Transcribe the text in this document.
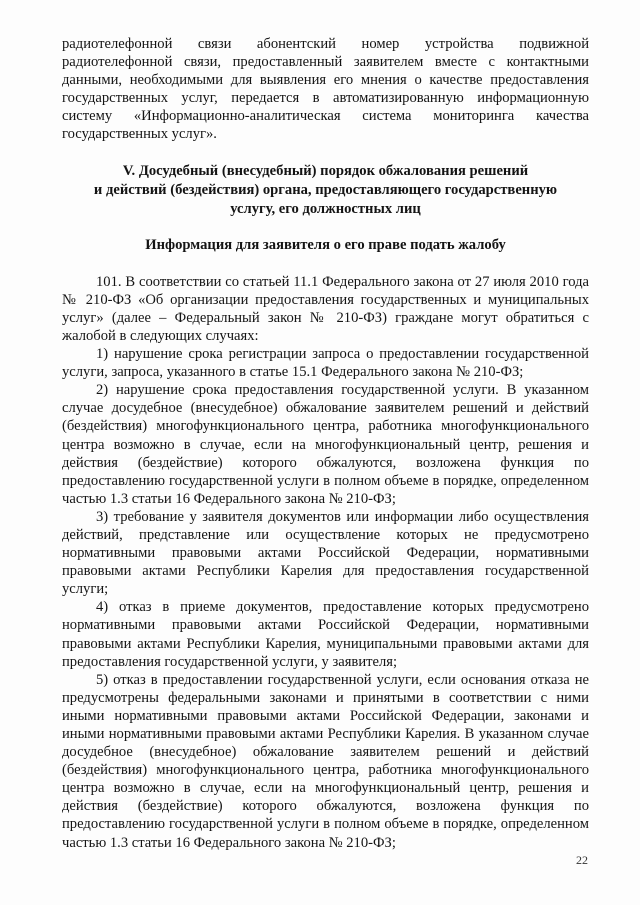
радиотелефонной связи абонентский номер устройства подвижной радиотелефонной связи, предоставленный заявителем вместе с контактными данными, необходимыми для выявления его мнения о качестве предоставления государственных услуг, передается в автоматизированную информационную систему «Информационно-аналитическая система мониторинга качества государственных услуг».

V. Досудебный (внесудебный) порядок обжалования решений
и действий (бездействия) органа, предоставляющего государственную
услугу, его должностных лиц

Информация для заявителя о его праве подать жалобу

101. В соответствии со статьей 11.1 Федерального закона от 27 июля 2010 года № 210-ФЗ «Об организации предоставления государственных и муниципальных услуг» (далее – Федеральный закон № 210-ФЗ) граждане могут обратиться с жалобой в следующих случаях:

1) нарушение срока регистрации запроса о предоставлении государственной услуги, запроса, указанного в статье 15.1 Федерального закона № 210-ФЗ;

2) нарушение срока предоставления государственной услуги. В указанном случае досудебное (внесудебное) обжалование заявителем решений и действий (бездействия) многофункционального центра, работника многофункционального центра возможно в случае, если на многофункциональный центр, решения и действия (бездействие) которого обжалуются, возложена функция по предоставлению государственной услуги в полном объеме в порядке, определенном частью 1.3 статьи 16 Федерального закона № 210-ФЗ;

3) требование у заявителя документов или информации либо осуществления действий, представление или осуществление которых не предусмотрено нормативными правовыми актами Российской Федерации, нормативными правовыми актами Республики Карелия для предоставления государственной услуги;

4) отказ в приеме документов, предоставление которых предусмотрено нормативными правовыми актами Российской Федерации, нормативными правовыми актами Республики Карелия, муниципальными правовыми актами для предоставления государственной услуги, у заявителя;

5) отказ в предоставлении государственной услуги, если основания отказа не предусмотрены федеральными законами и принятыми в соответствии с ними иными нормативными правовыми актами Российской Федерации, законами и иными нормативными правовыми актами Республики Карелия. В указанном случае досудебное (внесудебное) обжалование заявителем решений и действий (бездействия) многофункционального центра, работника многофункционального центра возможно в случае, если на многофункциональный центр, решения и действия (бездействие) которого обжалуются, возложена функция по предоставлению государственной услуги в полном объеме в порядке, определенном частью 1.3 статьи 16 Федерального закона № 210-ФЗ;

22
